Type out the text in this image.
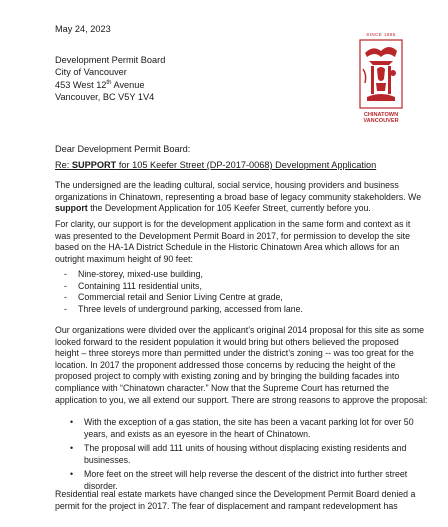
May 24, 2023
Development Permit Board
City of Vancouver
453 West 12th Avenue
Vancouver, BC V5Y 1V4
SINCE 1885
CHINATOWN
VANCOUVER
Dear Development Permit Board:
Re: SUPPORT for 105 Keefer Street (DP-2017-0068) Development Application
The undersigned are the leading cultural, social service, housing providers and business
organizations in Chinatown, representing a broad base of legacy community stakeholders. We
support the Development Application for 105 Keefer Street, currently before you.
For clarity, our support is for the development application in the same form and context as it
was presented to the Development Permit Board in 2017, for permission to develop the site
based on the HA-1A District Schedule in the Historic Chinatown Area which allows for an
outright maximum height of 90 feet:
- Nine-storey, mixed-use building,
- Containing 111 residential units,
- Commercial retail and Senior Living Centre at grade,
- Three levels of underground parking, accessed from lane.
Our organizations were divided over the applicant’s original 2014 proposal for this site as some
looked forward to the resident population it would bring but others believed the proposed
height – three storeys more than permitted under the district’s zoning -- was too great for the
location. In 2017 the proponent addressed those concerns by reducing the height of the
proposed project to comply with existing zoning and by bringing the building facades into
compliance with “Chinatown character.” Now that the Supreme Court has returned the
application to you, we all extend our support. There are strong reasons to approve the proposal:
• With the exception of a gas station, the site has been a vacant parking lot for over 50
years, and exists as an eyesore in the heart of Chinatown.
• The proposal will add 111 units of housing without displacing existing residents and
businesses.
• More feet on the street will help reverse the descent of the district into further street
disorder.
Residential real estate markets have changed since the Development Permit Board denied a
permit for the project in 2017. The fear of displacement and rampant redevelopment has
